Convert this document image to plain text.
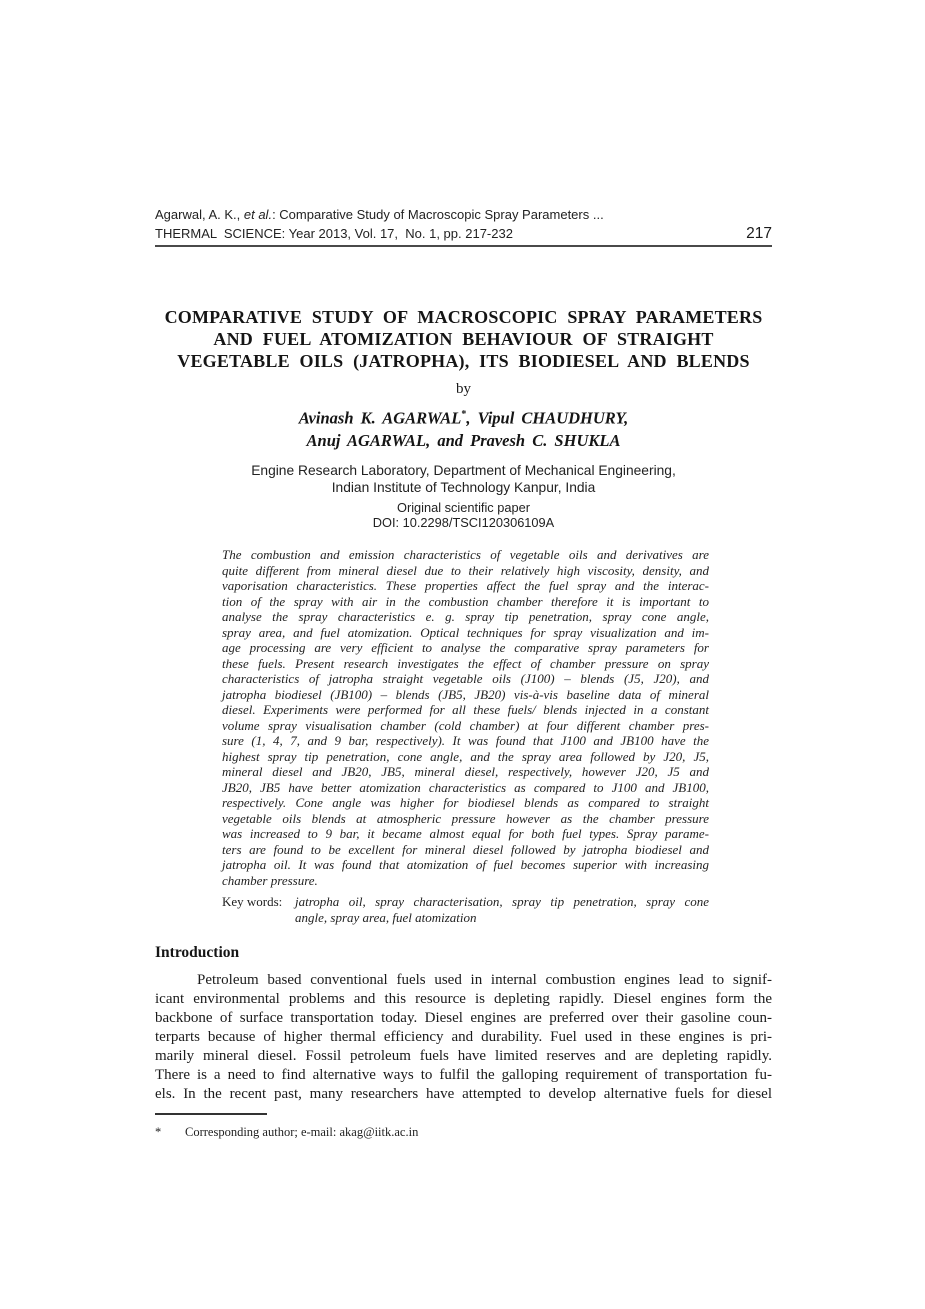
Agarwal, A. K., et al.: Comparative Study of Macroscopic Spray Parameters ...
THERMAL  SCIENCE: Year 2013, Vol. 17,  No. 1, pp. 217-232	217
COMPARATIVE STUDY OF MACROSCOPIC SPRAY PARAMETERS
AND FUEL ATOMIZATION BEHAVIOUR OF STRAIGHT
VEGETABLE OILS (JATROPHA), ITS BIODIESEL AND BLENDS
by
Avinash K. AGARWAL*, Vipul CHAUDHURY,
Anuj AGARWAL, and Pravesh C. SHUKLA
Engine Research Laboratory, Department of Mechanical Engineering,
Indian Institute of Technology Kanpur, India
Original scientific paper
DOI: 10.2298/TSCI120306109A
The combustion and emission characteristics of vegetable oils and derivatives are
quite different from mineral diesel due to their relatively high viscosity, density, and
vaporisation characteristics. These properties affect the fuel spray and the interac-
tion of the spray with air in the combustion chamber therefore it is important to
analyse the spray characteristics e. g. spray tip penetration, spray cone angle,
spray area, and fuel atomization. Optical techniques for spray visualization and im-
age processing are very efficient to analyse the comparative spray parameters for
these fuels. Present research investigates the effect of chamber pressure on spray
characteristics of jatropha straight vegetable oils (J100) – blends (J5, J20), and
jatropha biodiesel (JB100) – blends (JB5, JB20) vis-à-vis baseline data of mineral
diesel. Experiments were performed for all these fuels/ blends injected in a constant
volume spray visualisation chamber (cold chamber) at four different chamber pres-
sure (1, 4, 7, and 9 bar, respectively). It was found that J100 and JB100 have the
highest spray tip penetration, cone angle, and the spray area followed by J20, J5,
mineral diesel and JB20, JB5, mineral diesel, respectively, however J20, J5 and
JB20, JB5 have better atomization characteristics as compared to J100 and JB100,
respectively. Cone angle was higher for biodiesel blends as compared to straight
vegetable oils blends at atmospheric pressure however as the chamber pressure
was increased to 9 bar, it became almost equal for both fuel types. Spray parame-
ters are found to be excellent for mineral diesel followed by jatropha biodiesel and
jatropha oil. It was found that atomization of fuel becomes superior with increasing
chamber pressure.
Key words: jatropha oil, spray characterisation, spray tip penetration, spray cone
angle, spray area, fuel atomization
Introduction
Petroleum based conventional fuels used in internal combustion engines lead to signif-
icant environmental problems and this resource is depleting rapidly. Diesel engines form the
backbone of surface transportation today. Diesel engines are preferred over their gasoline coun-
terparts because of higher thermal efficiency and durability. Fuel used in these engines is pri-
marily mineral diesel. Fossil petroleum fuels have limited reserves and are depleting rapidly.
There is a need to find alternative ways to fulfil the galloping requirement of transportation fu-
els. In the recent past, many researchers have attempted to develop alternative fuels for diesel
*	Corresponding author; e-mail: akag@iitk.ac.in
